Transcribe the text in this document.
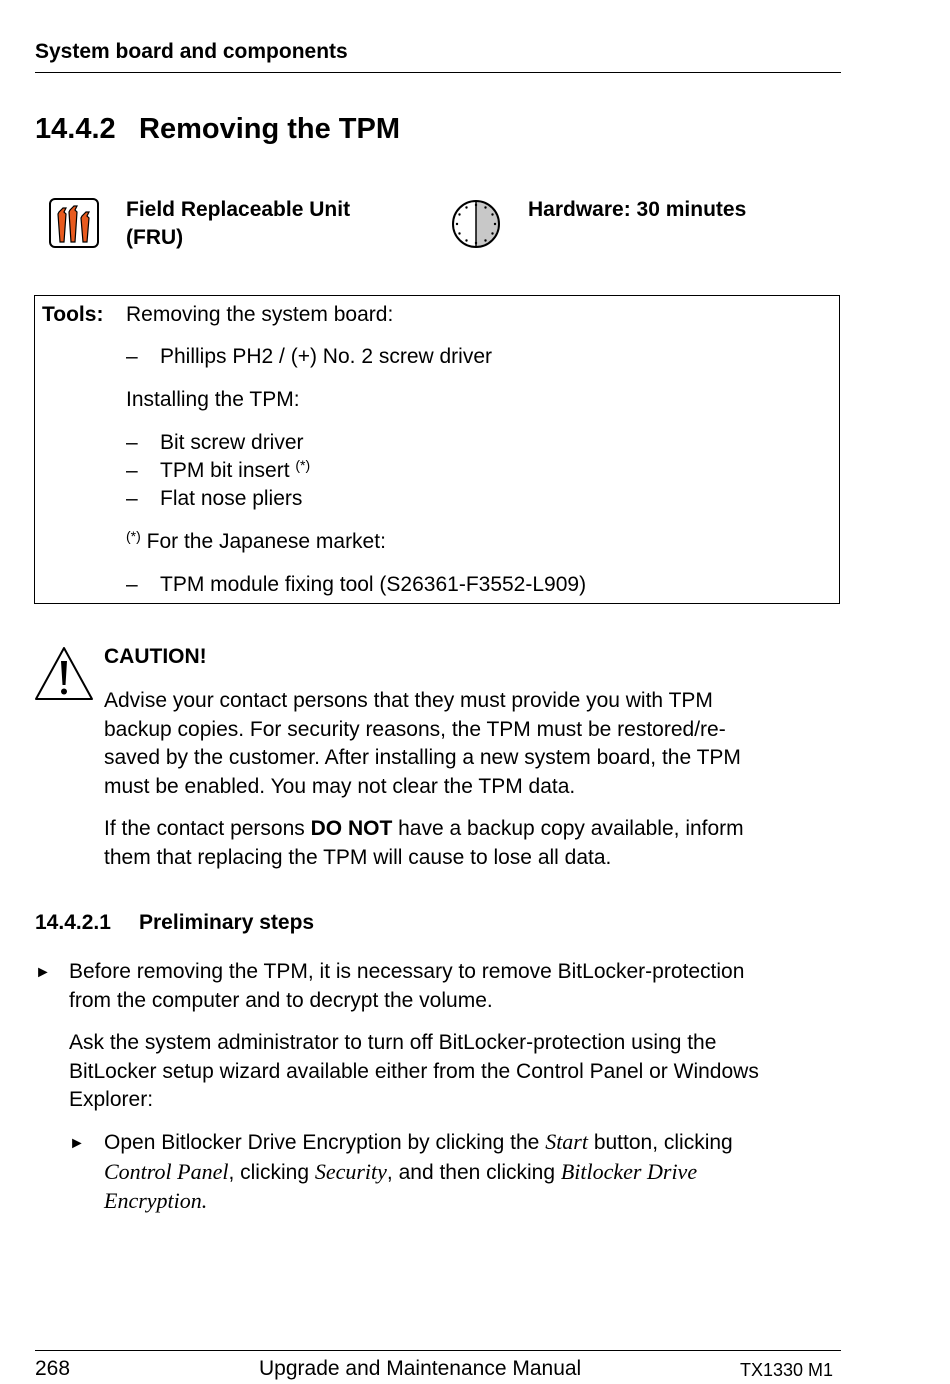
System board and components
14.4.2 Removing the TPM
Field Replaceable Unit
(FRU)
Hardware: 30 minutes
Tools: Removing the system board:
– Phillips PH2 / (+) No. 2 screw driver
Installing the TPM:
– Bit screw driver
– TPM bit insert (*)
– Flat nose pliers
(*) For the Japanese market:
– TPM module fixing tool (S26361-F3552-L909)
CAUTION!
Advise your contact persons that they must provide you with TPM
backup copies. For security reasons, the TPM must be restored/re-
saved by the customer. After installing a new system board, the TPM
must be enabled. You may not clear the TPM data.
If the contact persons DO NOT have a backup copy available, inform
them that replacing the TPM will cause to lose all data.
14.4.2.1 Preliminary steps
► Before removing the TPM, it is necessary to remove BitLocker-protection
from the computer and to decrypt the volume.
Ask the system administrator to turn off BitLocker-protection using the
BitLocker setup wizard available either from the Control Panel or Windows
Explorer:
► Open Bitlocker Drive Encryption by clicking the Start button, clicking
Control Panel, clicking Security, and then clicking Bitlocker Drive
Encryption.
268	Upgrade and Maintenance Manual	TX1330 M1
